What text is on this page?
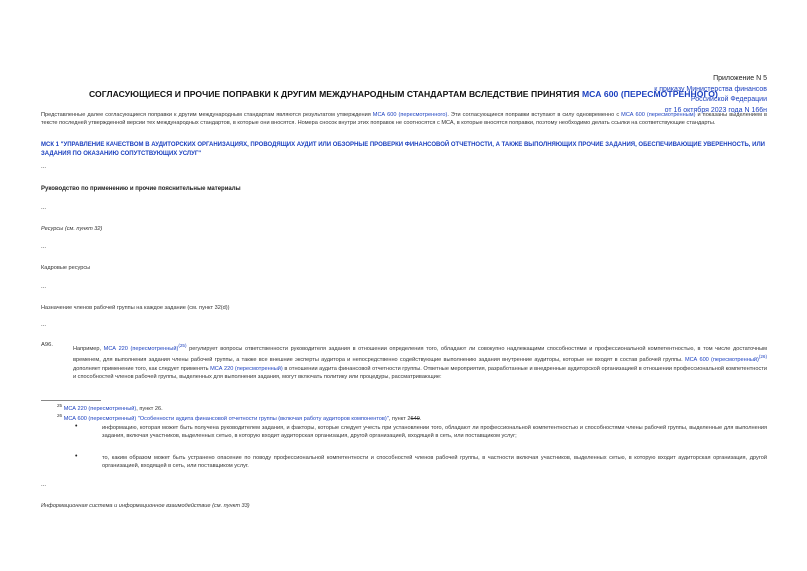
Приложение N 5
к приказу Министерства финансов
Российской Федерации
от 16 октября 2023 года N 166н
СОГЛАСУЮЩИЕСЯ И ПРОЧИЕ ПОПРАВКИ К ДРУГИМ МЕЖДУНАРОДНЫМ СТАНДАРТАМ ВСЛЕДСТВИЕ ПРИНЯТИЯ МСА 600 (ПЕРЕСМОТРЕННОГО)
Представленные далее согласующиеся поправки к другим международным стандартам являются результатом утверждения МСА 600 (пересмотренного). Эти согласующиеся поправки вступают в силу одновременно с МСА 600 (пересмотренным) и показаны выделением в тексте последней утвержденной версии тех международных стандартов, в которые они вносятся. Номера сносок внутри этих поправок не соотносятся с МСА, в которые вносятся поправки, поэтому необходимо делать ссылки на соответствующие стандарты.
МСК 1 "УПРАВЛЕНИЕ КАЧЕСТВОМ В АУДИТОРСКИХ ОРГАНИЗАЦИЯХ, ПРОВОДЯЩИХ АУДИТ ИЛИ ОБЗОРНЫЕ ПРОВЕРКИ ФИНАНСОВОЙ ОТЧЕТНОСТИ, А ТАКЖЕ ВЫПОЛНЯЮЩИХ ПРОЧИЕ ЗАДАНИЯ, ОБЕСПЕЧИВАЮЩИЕ УВЕРЕННОСТЬ, ИЛИ ЗАДАНИЯ ПО ОКАЗАНИЮ СОПУТСТВУЮЩИХ УСЛУГ"
...
Руководство по применению и прочие пояснительные материалы
...
Ресурсы (см. пункт 32)
...
Кадровые ресурсы
...
Назначение членов рабочей группы на каждое задание (см. пункт 32(d))
...
A96.
Например, МСА 220 (пересмотренный)$^{(25)}$ регулирует вопросы ответственности руководителя задания в отношении определения того, обладают ли совокупно надлежащими способностями и профессиональной компетентностью, в том числе достаточным временем, для выполнения задания члены рабочей группы, а также все внешние эксперты аудитора и непосредственно содействующие выполнению задания внутренние аудиторы, которые не входят в состав рабочей группы. МСА 600 (пересмотренный)$^{(26)}$ дополняет применение того, как следует применять МСА 220 (пересмотренный) в отношении аудита финансовой отчетности группы. Ответные мероприятия, разработанные и внедренные аудиторской организацией в отношении профессиональной компетентности и способностей членов рабочей группы, выделенных для выполнения задания, могут включать политику или процедуры, рассматривающие:
$^{25}$ МСА 220 (пересмотренный), пункт 26.
$^{26}$ МСА 600 (пересмотренный) "Особенности аудита финансовой отчетности группы (включая работу аудиторов компонентов)", пункт 2649.
•	информацию, которая может быть получена руководителем задания, и факторы, которые следует учесть при установлении того, обладают ли профессиональной компетентностью и способностями члены рабочей группы, выделенные для выполнения задания, включая участников, выделенных сетью, в которую входит аудиторская организация, другой организацией, входящей в сеть, или поставщиком услуг;
•	то, каким образом может быть устранено опасение по поводу профессиональной компетентности и способностей членов рабочей группы, в частности включая участников, выделенных сетью, в которую входит аудиторская организация, другой организацией, входящей в сеть, или поставщиком услуг.
...
Информационная система и информационное взаимодействие (см. пункт 33)
